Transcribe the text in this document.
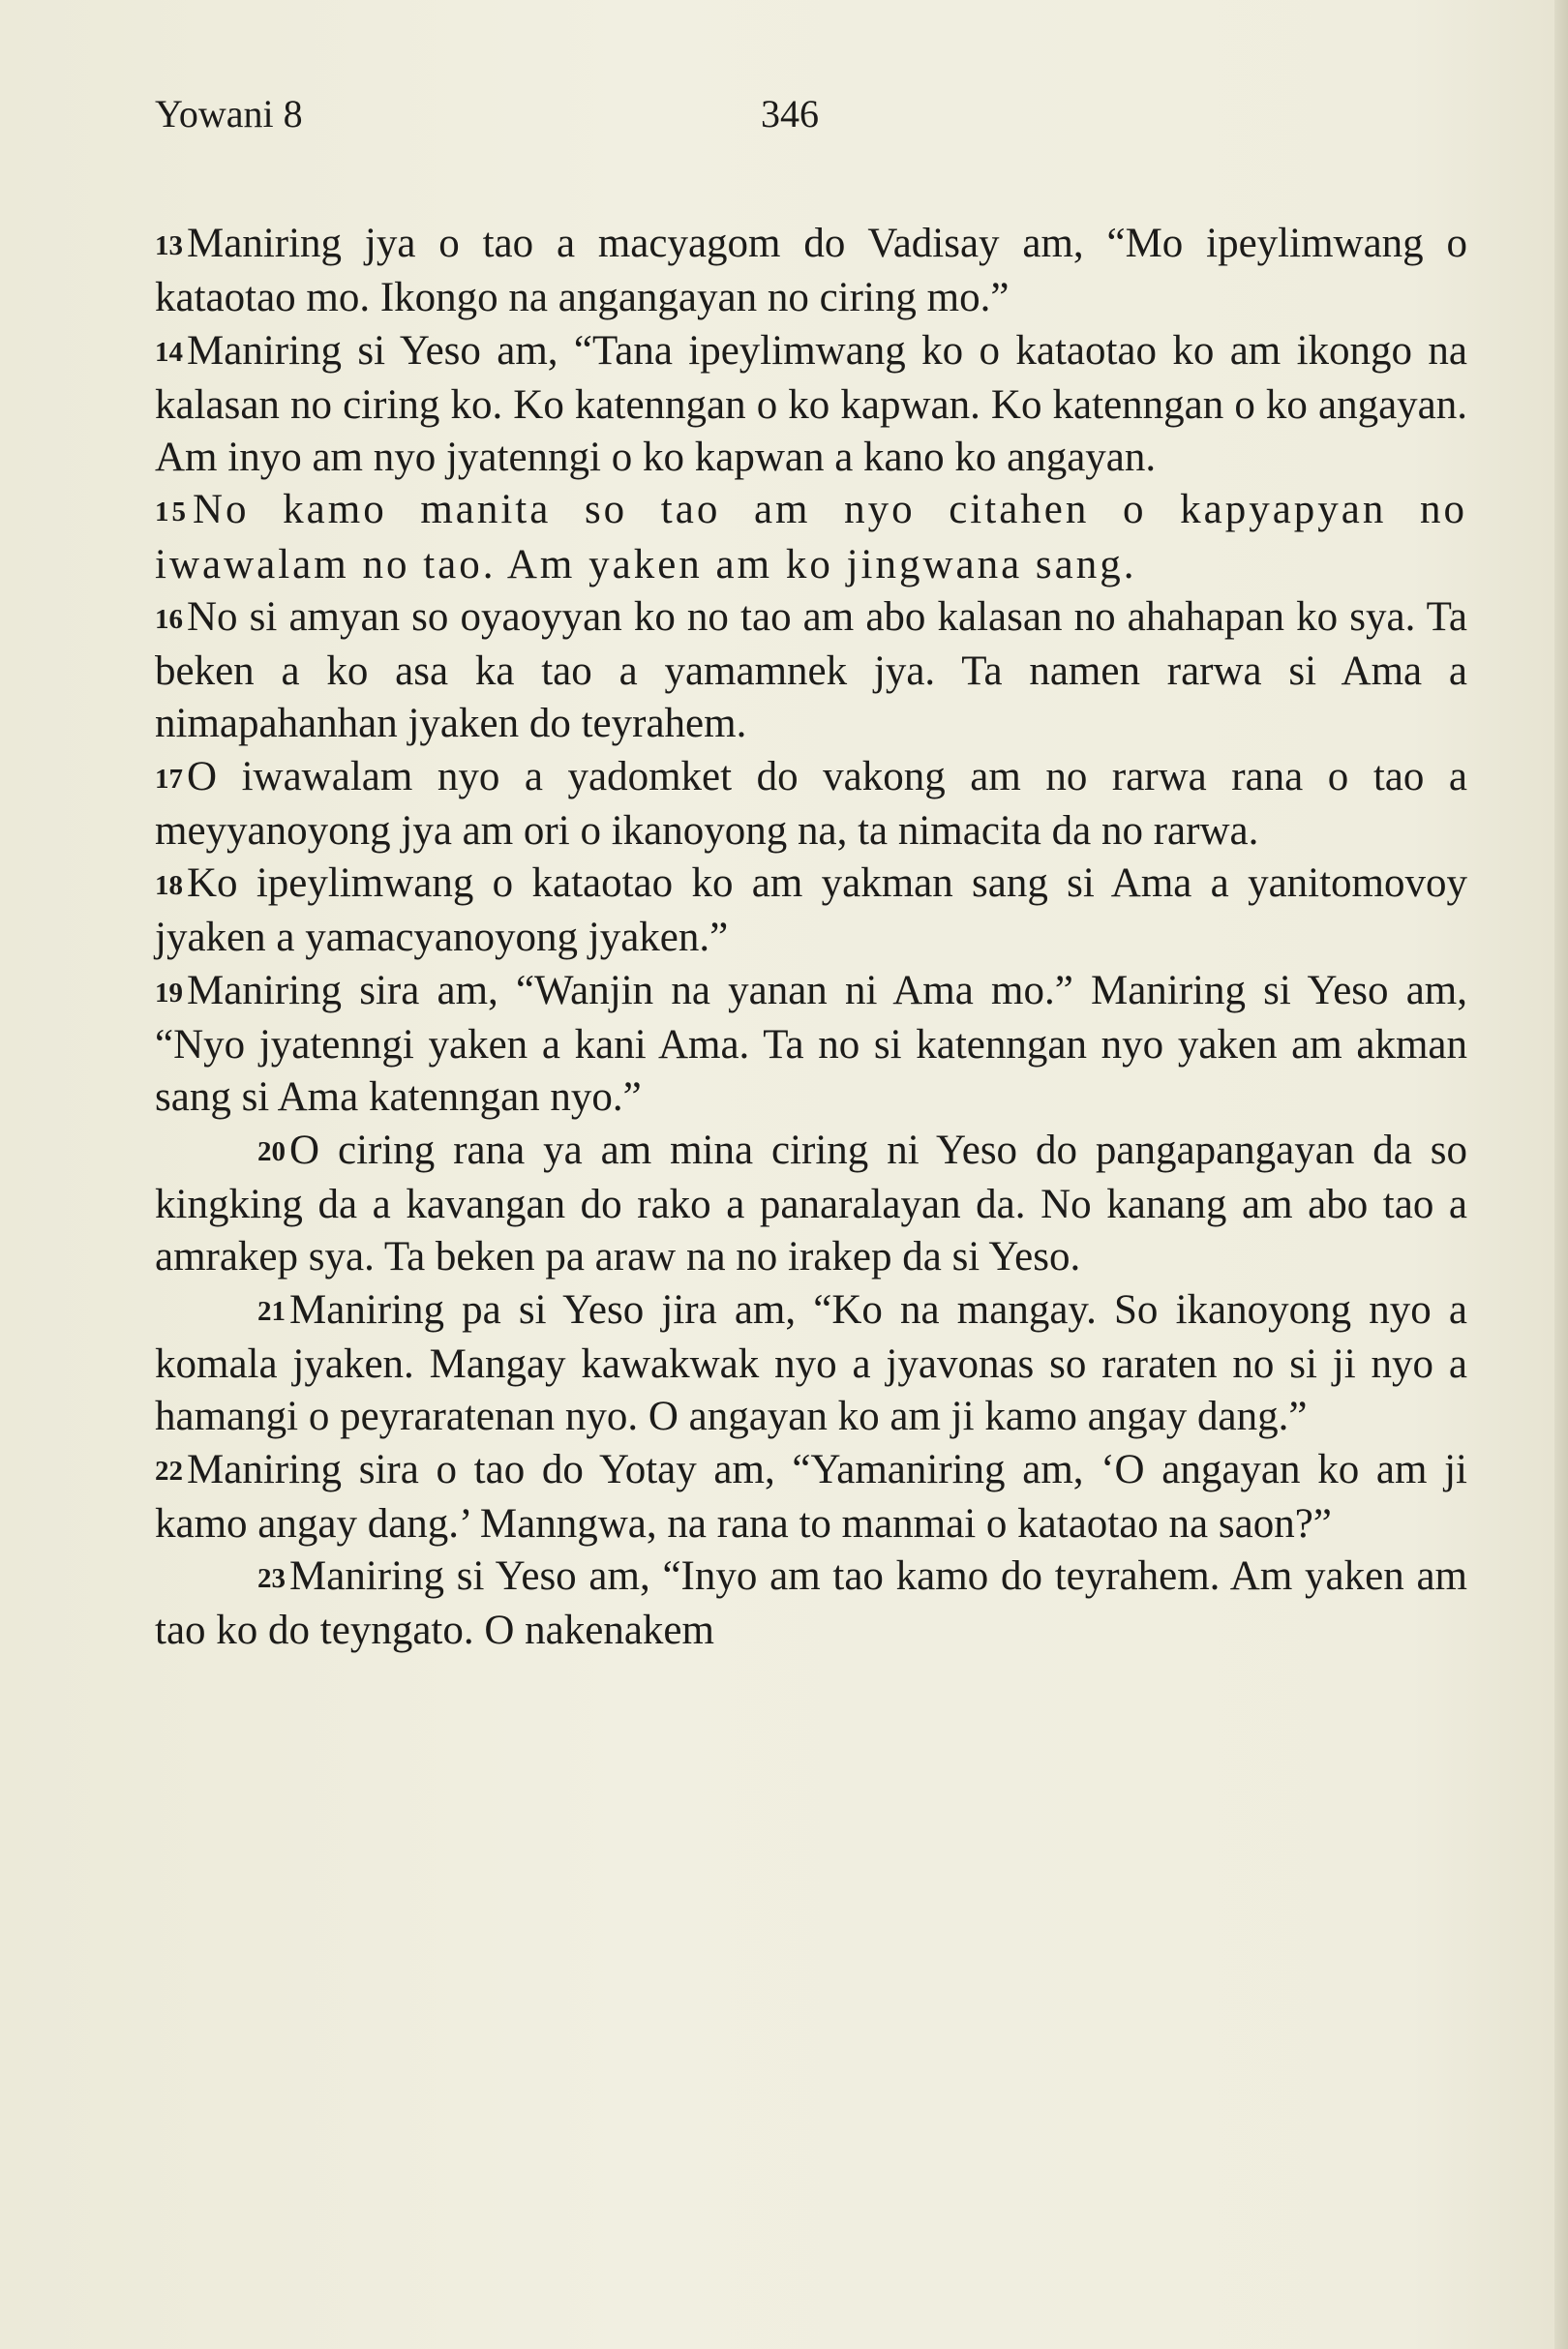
Yowani 8	346

13Maniring jya o tao a macyagom do Vadisay am, “Mo ipeylimwang o kataotao mo. Ikongo na angangayan no ciring mo.”

14Maniring si Yeso am, “Tana ipeylimwang ko o kataotao ko am ikongo na kalasan no ciring ko. Ko katenngan o ko kapwan. Ko katenngan o ko angayan. Am inyo am nyo jyatenngi o ko kapwan a kano ko angayan.

15No kamo manita so tao am nyo citahen o kapyapyan no iwawalam no tao. Am yaken am ko jingwana sang.

16No si amyan so oyaoyyan ko no tao am abo kalasan no ahahapan ko sya. Ta beken a ko asa ka tao a yamamnek jya. Ta namen rarwa si Ama a nimapahanhan jyaken do teyrahem.

17O iwawalam nyo a yadomket do vakong am no rarwa rana o tao a meyyanoyong jya am ori o ikanoyong na, ta nimacita da no rarwa.

18Ko ipeylimwang o kataotao ko am yakman sang si Ama a yanitomovoy jyaken a yamacyanoyong jyaken.”

19Maniring sira am, “Wanjin na yanan ni Ama mo.” Maniring si Yeso am, “Nyo jyatenngi yaken a kani Ama. Ta no si katenngan nyo yaken am akman sang si Ama katenngan nyo.”

20O ciring rana ya am mina ciring ni Yeso do pangapangayan da so kingking da a kavangan do rako a panaralayan da. No kanang am abo tao a amrakep sya. Ta beken pa araw na no irakep da si Yeso.

21Maniring pa si Yeso jira am, “Ko na mangay. So ikanoyong nyo a komala jyaken. Mangay kawakwak nyo a jyavonas so raraten no si ji nyo a hamangi o peyraratenan nyo. O angayan ko am ji kamo angay dang.”

22Maniring sira o tao do Yotay am, “Yamaniring am, ‘O angayan ko am ji kamo angay dang.’ Manngwa, na rana to manmai o kataotao na saon?”

23Maniring si Yeso am, “Inyo am tao kamo do teyrahem. Am yaken am tao ko do teyngato. O nakenakem
